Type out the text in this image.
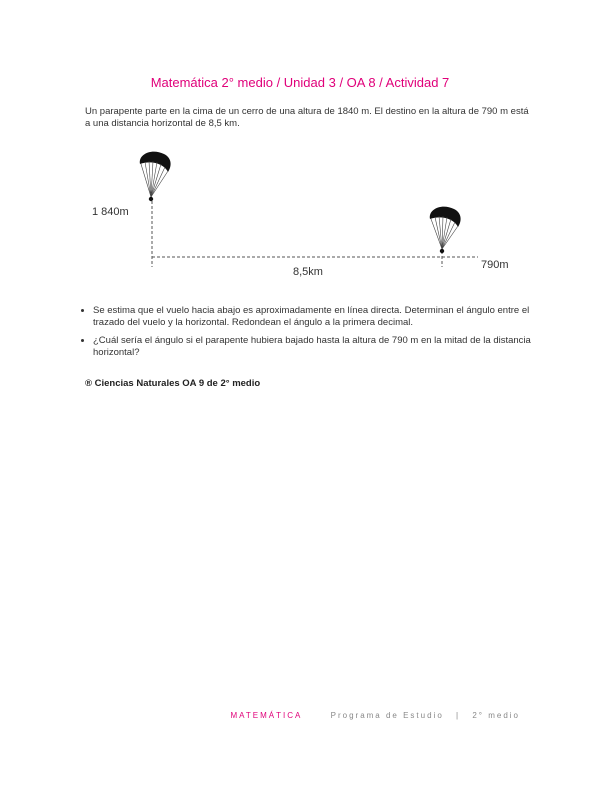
Matemática 2° medio / Unidad 3 / OA 8 / Actividad 7
Un parapente parte en la cima de un cerro de una altura de 1840 m. El destino en la altura de 790 m está a una distancia horizontal de 8,5 km.
1 840m
790m
8,5km
• Se estima que el vuelo hacia abajo es aproximadamente en línea directa. Determinan el ángulo entre el trazado del vuelo y la horizontal. Redondean el ángulo a la primera decimal.
• ¿Cuál sería el ángulo si el parapente hubiera bajado hasta la altura de 790 m en la mitad de la distancia horizontal?
® Ciencias Naturales OA 9 de 2° medio
MATEMÁTICA	Programa de Estudio | 2° medio
